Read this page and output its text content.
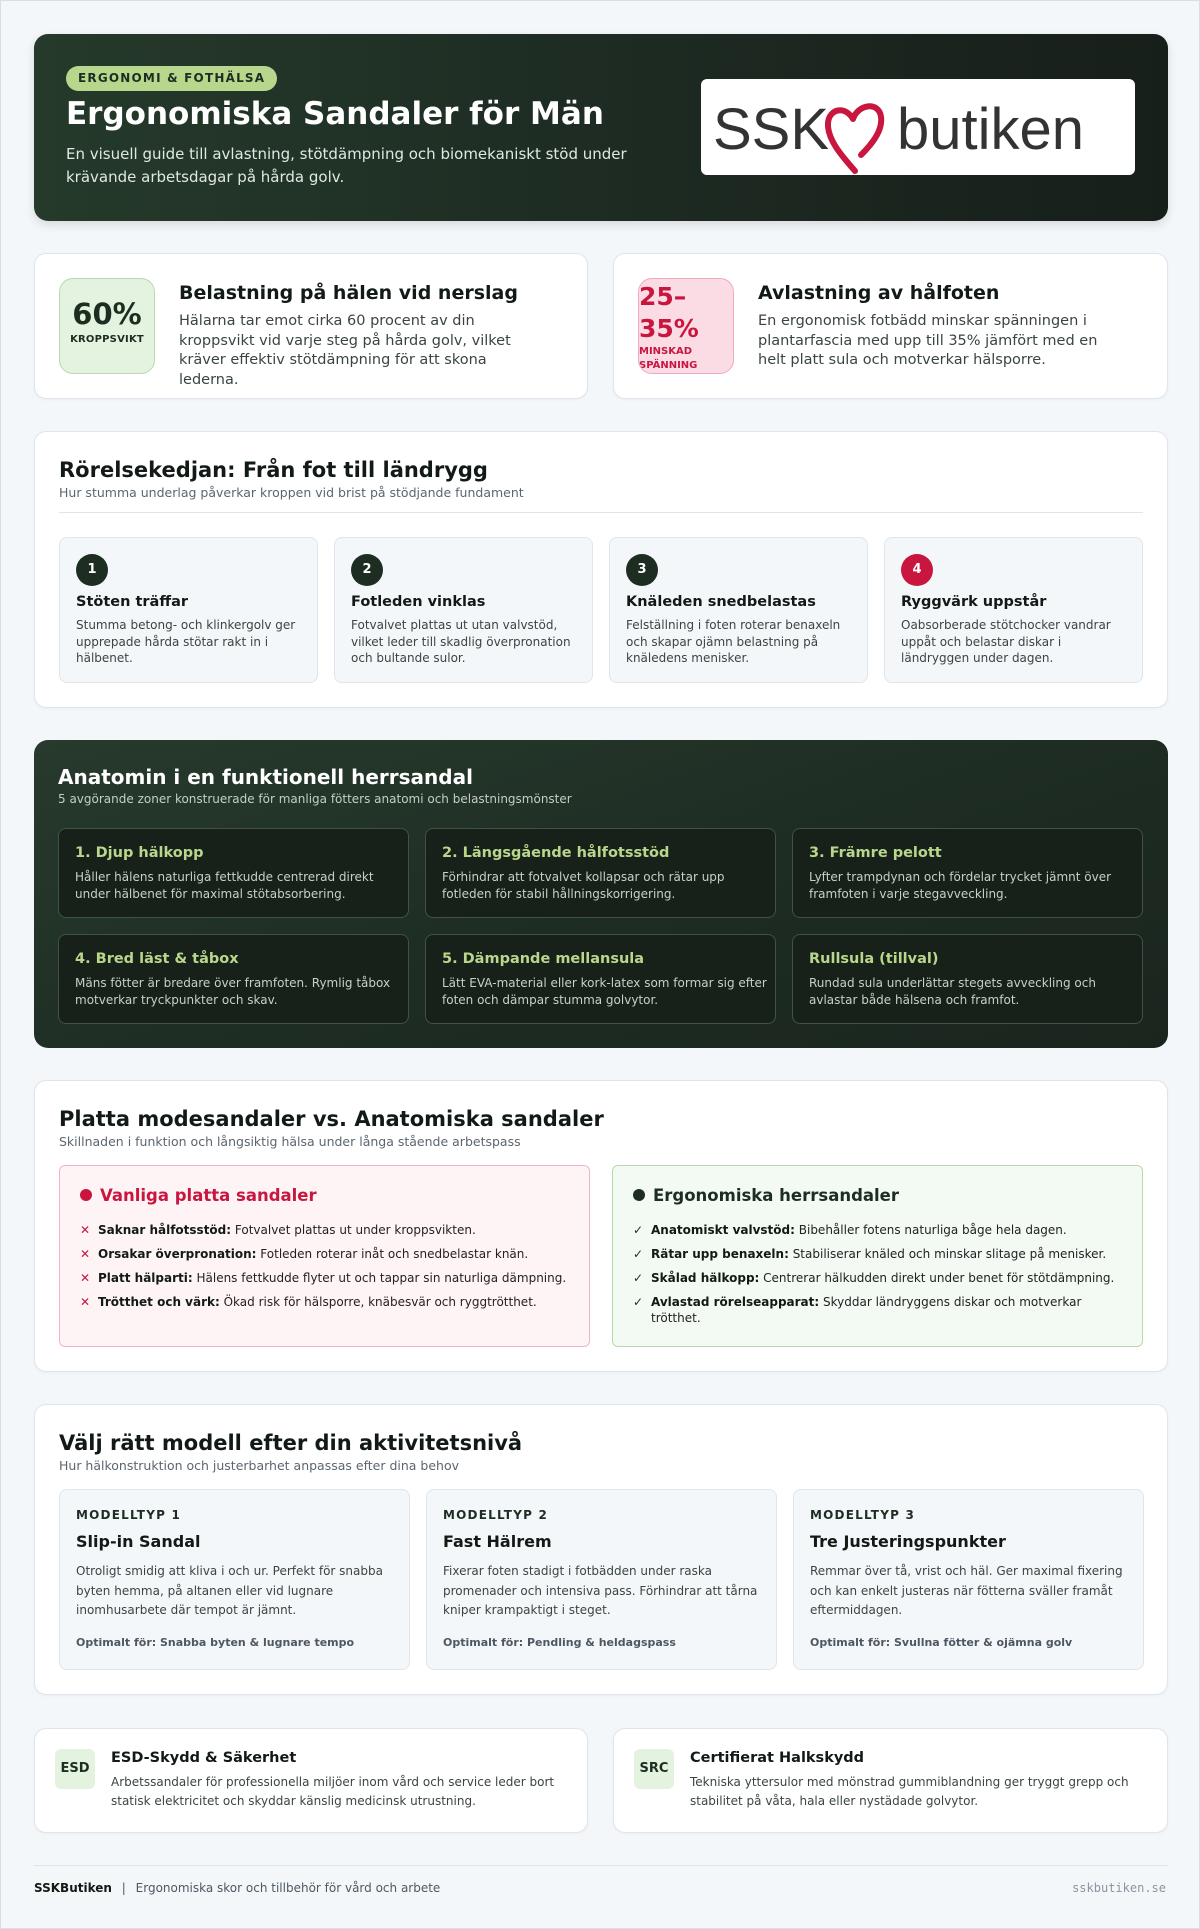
ERGONOMI & FOTHÄLSA
Ergonomiska Sandaler för Män
En visuell guide till avlastning, stötdämpning och biomekaniskt stöd under krävande arbetsdagar på hårda golv.
SSK butiken
60%
KROPPSVIKT
Belastning på hälen vid nerslag
Hälarna tar emot cirka 60 procent av din kroppsvikt vid varje steg på hårda golv, vilket kräver effektiv stötdämpning för att skona lederna.
25–35%
MINSKAD SPÄNNING
Avlastning av hålfoten
En ergonomisk fotbädd minskar spänningen i plantarfascia med upp till 35% jämfört med en helt platt sula och motverkar hälsporre.
Rörelsekedjan: Från fot till ländrygg
Hur stumma underlag påverkar kroppen vid brist på stödjande fundament
1
Stöten träffar
Stumma betong- och klinkergolv ger upprepade hårda stötar rakt in i hälbenet.
2
Fotleden vinklas
Fotvalvet plattas ut utan valvstöd, vilket leder till skadlig överpronation och bultande sulor.
3
Knäleden snedbelastas
Felställning i foten roterar benaxeln och skapar ojämn belastning på knäledens menisker.
4
Ryggvärk uppstår
Oabsorberade stötchocker vandrar uppåt och belastar diskar i ländryggen under dagen.
Anatomin i en funktionell herrsandal
5 avgörande zoner konstruerade för manliga fötters anatomi och belastningsmönster
1. Djup hälkopp
Håller hälens naturliga fettkudde centrerad direkt under hälbenet för maximal stötabsorbering.
2. Längsgående hålfotsstöd
Förhindrar att fotvalvet kollapsar och rätar upp fotleden för stabil hållningskorrigering.
3. Främre pelott
Lyfter trampdynan och fördelar trycket jämnt över framfoten i varje stegavveckling.
4. Bred läst & tåbox
Mäns fötter är bredare över framfoten. Rymlig tåbox motverkar tryckpunkter och skav.
5. Dämpande mellansula
Lätt EVA-material eller kork-latex som formar sig efter foten och dämpar stumma golvytor.
Rullsula (tillval)
Rundad sula underlättar stegets avveckling och avlastar både hälsena och framfot.
Platta modesandaler vs. Anatomiska sandaler
Skillnaden i funktion och långsiktig hälsa under långa stående arbetspass
Vanliga platta sandaler
✕ Saknar hålfotsstöd: Fotvalvet plattas ut under kroppsvikten.
✕ Orsakar överpronation: Fotleden roterar inåt och snedbelastar knän.
✕ Platt hälparti: Hälens fettkudde flyter ut och tappar sin naturliga dämpning.
✕ Trötthet och värk: Ökad risk för hälsporre, knäbesvär och ryggtrötthet.
Ergonomiska herrsandaler
✓ Anatomiskt valvstöd: Bibehåller fotens naturliga båge hela dagen.
✓ Rätar upp benaxeln: Stabiliserar knäled och minskar slitage på menisker.
✓ Skålad hälkopp: Centrerar hälkudden direkt under benet för stötdämpning.
✓ Avlastad rörelseapparat: Skyddar ländryggens diskar och motverkar trötthet.
Välj rätt modell efter din aktivitetsnivå
Hur hälkonstruktion och justerbarhet anpassas efter dina behov
MODELLTYP 1
Slip-in Sandal
Otroligt smidig att kliva i och ur. Perfekt för snabba byten hemma, på altanen eller vid lugnare inomhusarbete där tempot är jämnt.
Optimalt för: Snabba byten & lugnare tempo
MODELLTYP 2
Fast Hälrem
Fixerar foten stadigt i fotbädden under raska promenader och intensiva pass. Förhindrar att tårna kniper krampaktigt i steget.
Optimalt för: Pendling & heldagspass
MODELLTYP 3
Tre Justeringspunkter
Remmar över tå, vrist och häl. Ger maximal fixering och kan enkelt justeras när fötterna sväller framåt eftermiddagen.
Optimalt för: Svullna fötter & ojämna golv
ESD
ESD-Skydd & Säkerhet
Arbetssandaler för professionella miljöer inom vård och service leder bort statisk elektricitet och skyddar känslig medicinsk utrustning.
SRC
Certifierat Halkskydd
Tekniska yttersulor med mönstrad gummiblandning ger tryggt grepp och stabilitet på våta, hala eller nystädade golvytor.
SSKButiken | Ergonomiska skor och tillbehör för vård och arbete	sskbutiken.se
